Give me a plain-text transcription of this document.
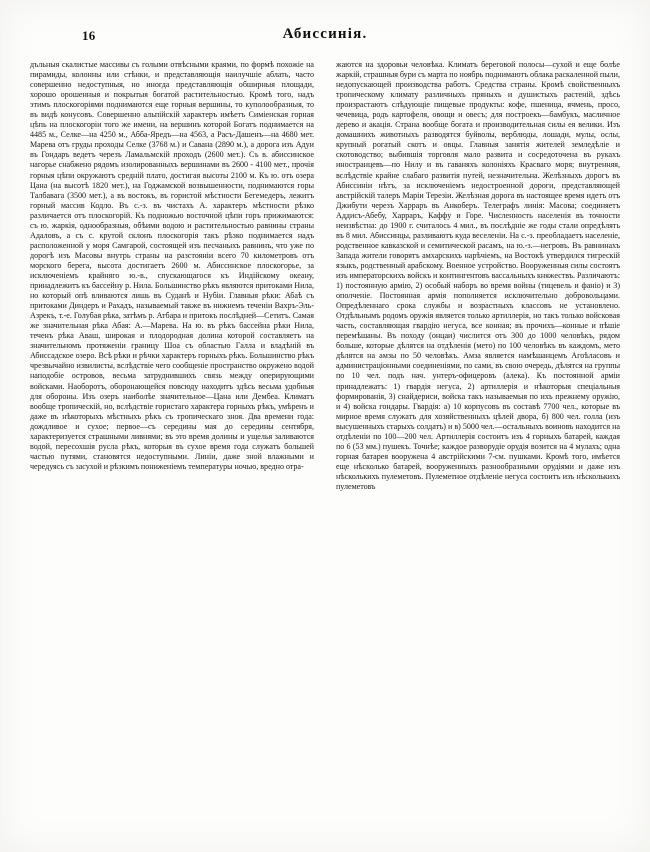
16	Абиссинія.

дъльныя скалистые массивы съ голыми отвѣсными краями, по формѣ похожіе на пирамиды, колонны или стѣнки, и представляющія наилучшіе аблать, часто совершенно недоступныя, но иногда представляющія обширныя площади, хорошо орошенныя и покрытыя богатой растительностью. Кромѣ того, надъ этимъ плоскогоріями поднимаются еще горныя вершины, то куполообразныя, то въ видѣ конусовъ. Совершенно альпійскій характеръ имѣетъ Симіенская горная цѣпь на плоскогоріи того же имени, на вершинъ которой Богатъ поднимается на 4485 м., Селке—на 4250 м., Абба-Яредъ—на 4563, а Расъ-Дашенъ—на 4680 мет. Марева отъ груды проходы Селке (3768 м.) и Савана (2890 м.), а дорога изъ Адуи въ Гондаръ ведетъ черезъ Ламальмскій проходъ (2600 мет.). Съ в. абиссинское нагорье снабжено рядомъ изолированныхъ вершинами въ 2600 - 4100 мет., прочія горныя цѣпи окружаютъ средній плато, достигая высоты 2100 м. Къ ю. отъ озера Цана (на высотѣ 1820 мет.), на Годжамской возвышенности, поднимаются горы Талбавага (3500 мет.), а въ востокъ, въ гористой мѣстности Бегемедеръ, лежитъ горный массив Кодло. Въ с.-з. въ чистахъ А. характеръ мѣстности рѣзко различается отъ плоскогорій. Къ подножью восточной цѣпи горъ прижимаются: съ ю. жаркія, однообразныя, обѣими водою и растительностью равнины страны Адаловъ, а съ с. крутой склонъ плоскогорія такъ рѣзко поднимается надъ расположенной у моря Самгарой, состоящей изъ песчаныхъ равнинъ, что уже по дорогѣ изъ Масовы внутрь страны на разстояніи всего 70 километровъ отъ морского берега, высота достигаетъ 2600 м. Абиссинское плоскогорье, за исключеніемъ крайняго ю.-в., спускающагося къ Индійскому океану, принадлежитъ къ бассейну р. Нила. Большинство рѣкъ являются притоками Нила, но который опѣ вливаются лишь въ Суданѣ и Нубіи. Главныя рѣки: Абаѣ съ притоками Диндеръ и Рахадъ, называемый также въ нижнемъ теченіи Вахръ-Эль-Азрекъ, т.-е. Голубая рѣка, затѣмъ р. Атбара и притокъ послѣдней—Сетитъ. Самая же значительная рѣка Абая: А.—Марева. На ю. въ рѣкъ бассейна рѣки Нила, теченъ рѣка Аваш, широкая и плодородная долина которой составляетъ на значительномъ протяженіи границу Шоа съ областью Галла и владѣній въ Абиссадское озеро. Всѣ рѣки и рѣчки характеръ горныхъ рѣкъ. Большинство рѣкъ чрезвычайно извилисты, вслѣдствіе чего сообщеніе пространство окружено водой наподобіе островов, весьма затруднившихъ связь между оперирующими войсками. Наоборотъ, оборонающейся повсюду находитъ здѣсь весьма удобныя для обороны. Изъ озеръ наиболѣе значительное—Цана или Дембеа. Климатъ вообще тропическій, но, вслѣдствіе гористаго характера горныхъ рѣкъ, умѣренъ и даже въ нѣкоторыхъ мѣстныхъ рѣкъ съ тропическаго зноя. Два времени года: дождливое и сухое; первое—съ середины мая до середины сентября, характеризуется страшными ливнями; въ это время долины и ущелья заливаются водой, пересохшія русла рѣкъ, которыя въ сухое время года служатъ большей частью путями, становятся недоступными. Линіи, даже зной влажными и чередуясь съ засухой и рѣзкимъ пониженіемъ температуры ночью, вредно отра-

жаются на здоровьи человѣка. Климатъ береговой полосы—сухой и еще болѣе жаркій, страшныя бури съ марта по ноябрь поднимаютъ облака раскаленной пыли, недопускающей производства работъ. Средства страны. Кромѣ свойственныхъ тропическому климату различныхъ пряныхъ и душистыхъ растеній, здѣсь произрастаютъ слѣдующіе пищевые продукты: кофе, пшеница, ячмень, просо, чечевица, родъ картофеля, овощи и овесъ; для построекъ—бамбукъ, масличное дерево и акація. Страна вообще богата и производительная силы ея велики. Изъ домашнихъ животныхъ разводятся буйволы, верблюды, лошади, мулы, ослы, крупный рогатый скотъ и овцы. Главныя занятія жителей земледѣліе и скотоводство; выбившія торговля мало развита и сосредоточена въ рукахъ иностранцевъ—по Нилу и въ гаваняхъ колоніяхъ Красваго моря; внутренняя, вслѣдствіе крайне слабаго развитія путей, незначительна. Желѣзныхъ дорогъ въ Абиссиніи нѣтъ, за исключеніемъ недостроенной дороги, представляющей австрійскій талеръ Маріи Терезіи. Желѣзная дорога въ настоящее время идетъ отъ Джибути черезъ Харраръ въ Анкоберъ. Телеграфъ линія: Масова; соединяетъ Аддисъ-Абебу, Харраръ, Каффу и Горе. Численность населенія въ точности неизвѣстна: до 1900 г. считалось 4 мил., въ послѣдніе же годы стали опредѣлять въ 8 мил. Абиссинцы, разливаютъ куда веселеніи. На с.-з. преобладаетъ населеніе, родственное кавказской и семитической расамъ, на ю.-з.—негровъ. Въ равнинахъ Запада жители говорятъ амхарскихъ нарѣчіемъ, на Востокѣ утвердился тигрескій языкъ, родственный арабскому. Военное устройство. Вооруженныя силы состоятъ изъ императорскихъ войскъ и контингентовъ вассальныхъ княжествъ. Различаютъ: 1) постоянную армію, 2) особый наборъ во время войны (тицевель и фаніо) и 3) ополченіе. Постоянная армія пополняется исключительно добровольцами. Опредѣленнаго срока службы и возрастныхъ классовъ не установлено. Отдѣльнымъ родомъ оружія является только артиллерія, но такъ только войсковая часть, составляющая гвардію негуса, все конная; въ прочихъ—конные и пѣшіе перемѣшаны. Въ походу (онцаи) числится отъ 300 до 1000 человѣкъ, рядом больше, которые дѣлятся на отдѣленія (мето) по 100 человѣкъ въ каждомъ, мето дѣлятся на амзы по 50 человѣкъ. Амза является намѣшанцемъ Агоѣласовъ и администраціонными соединеніями, по сами, въ свою очередь, дѣлятся на группы по 10 чел. подъ нач. унтеръ-офицеровъ (алека). Къ постоянной арміи принадлежатъ: 1) гвардія негуса, 2) артиллерія и нѣкоторыя спеціальныя формированія, 3) снайдериси, войска такъ называемыя по ихъ прежнему оружію, и 4) войска гондары. Гвардія: а) 10 корпусовъ въ составѣ 7700 чел., которые въ мирное время служатъ для хозяйственныхъ цѣлей двора, б) 800 чел. голла (изъ высушенныхъ старыхъ солдатъ) и в) 5000 чел.—остальныхъ воиновъ находится на отдѣленіи по 100—200 чел. Артиллерія состоитъ изъ 4 горныхъ батарей, каждая по 6 (53 мм.) пушекъ. Точнѣе; каждое разворудіе орудія возится на 4 мулахъ; одна горная батарея вооружена 4 австрійскими 7-см. пушками. Кромѣ того, имѣется еще нѣсколько батарей, вооруженныхъ разнообразными орудіями и даже изъ нѣсколькихъ пулеметовъ. Пулеметное отдѣленіе негуса состоитъ изъ нѣсколькихъ пулеметовъ
